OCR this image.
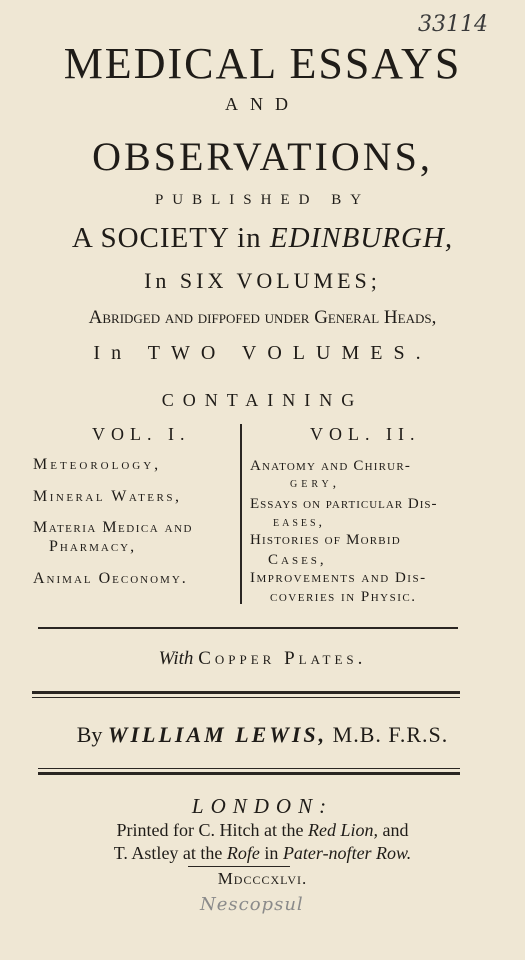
33114
MEDICAL ESSAYS
AND
OBSERVATIONS,
PUBLISHED BY
A SOCIETY in EDINBURGH,
In SIX VOLUMES;
Abridged and difpofed under General Heads,
In TWO VOLUMES.
CONTAINING
VOL. I.
Meteorology,
Mineral Waters,
Materia Medica and
Pharmacy,
Animal Oeconomy.
VOL. II.
Anatomy and Chirur-
gery,
Essays on particular Dis-
eases,
Histories of Morbid
Cases,
Improvements and Dis-
coveries in Physic.
With Copper Plates.
By WILLIAM LEWIS, M.B. F.R.S.
LONDON:
Printed for C. Hitch at the Red Lion, and
T. Astley at the Rofe in Pater-nofter Row.
Mdcccxlvi.
Nescopsul
